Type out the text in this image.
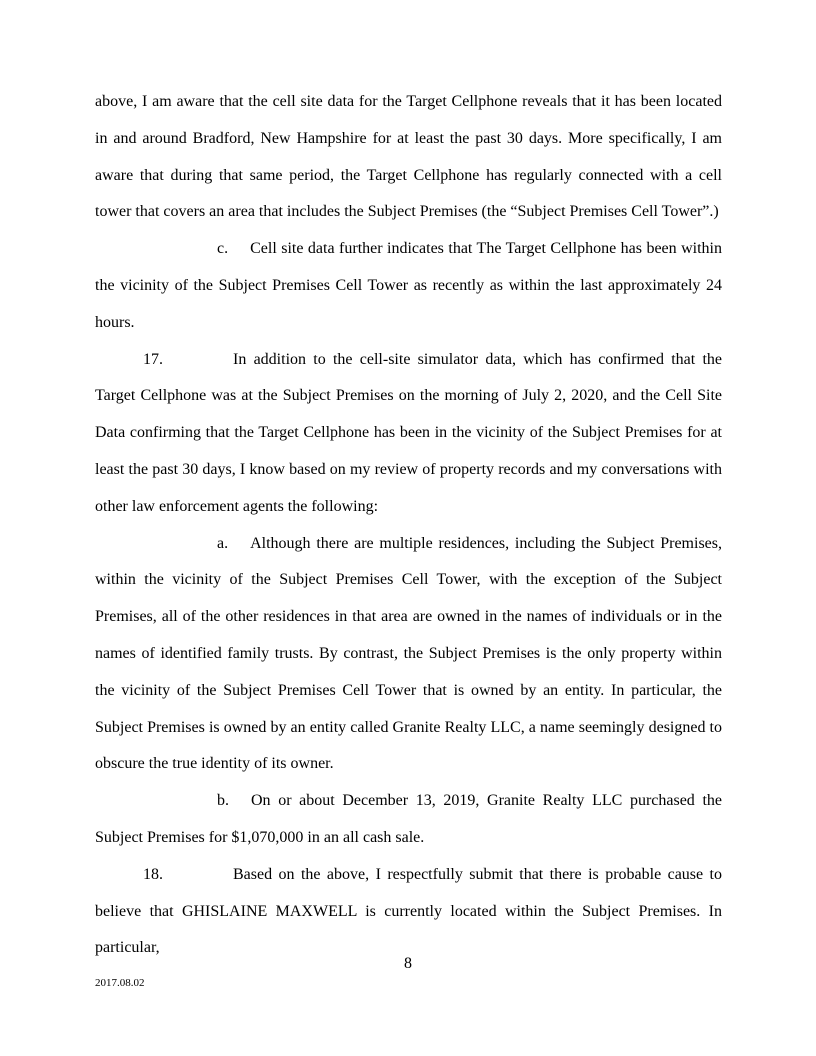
above, I am aware that the cell site data for the Target Cellphone reveals that it has been located in and around Bradford, New Hampshire for at least the past 30 days. More specifically, I am aware that during that same period, the Target Cellphone has regularly connected with a cell tower that covers an area that includes the Subject Premises (the “Subject Premises Cell Tower”.)

c. Cell site data further indicates that The Target Cellphone has been within the vicinity of the Subject Premises Cell Tower as recently as within the last approximately 24 hours.

17.	In addition to the cell-site simulator data, which has confirmed that the Target Cellphone was at the Subject Premises on the morning of July 2, 2020, and the Cell Site Data confirming that the Target Cellphone has been in the vicinity of the Subject Premises for at least the past 30 days, I know based on my review of property records and my conversations with other law enforcement agents the following:

a. Although there are multiple residences, including the Subject Premises, within the vicinity of the Subject Premises Cell Tower, with the exception of the Subject Premises, all of the other residences in that area are owned in the names of individuals or in the names of identified family trusts. By contrast, the Subject Premises is the only property within the vicinity of the Subject Premises Cell Tower that is owned by an entity. In particular, the Subject Premises is owned by an entity called Granite Realty LLC, a name seemingly designed to obscure the true identity of its owner.

b. On or about December 13, 2019, Granite Realty LLC purchased the Subject Premises for $1,070,000 in an all cash sale.

18.	Based on the above, I respectfully submit that there is probable cause to believe that GHISLAINE MAXWELL is currently located within the Subject Premises. In particular,

8
2017.08.02
